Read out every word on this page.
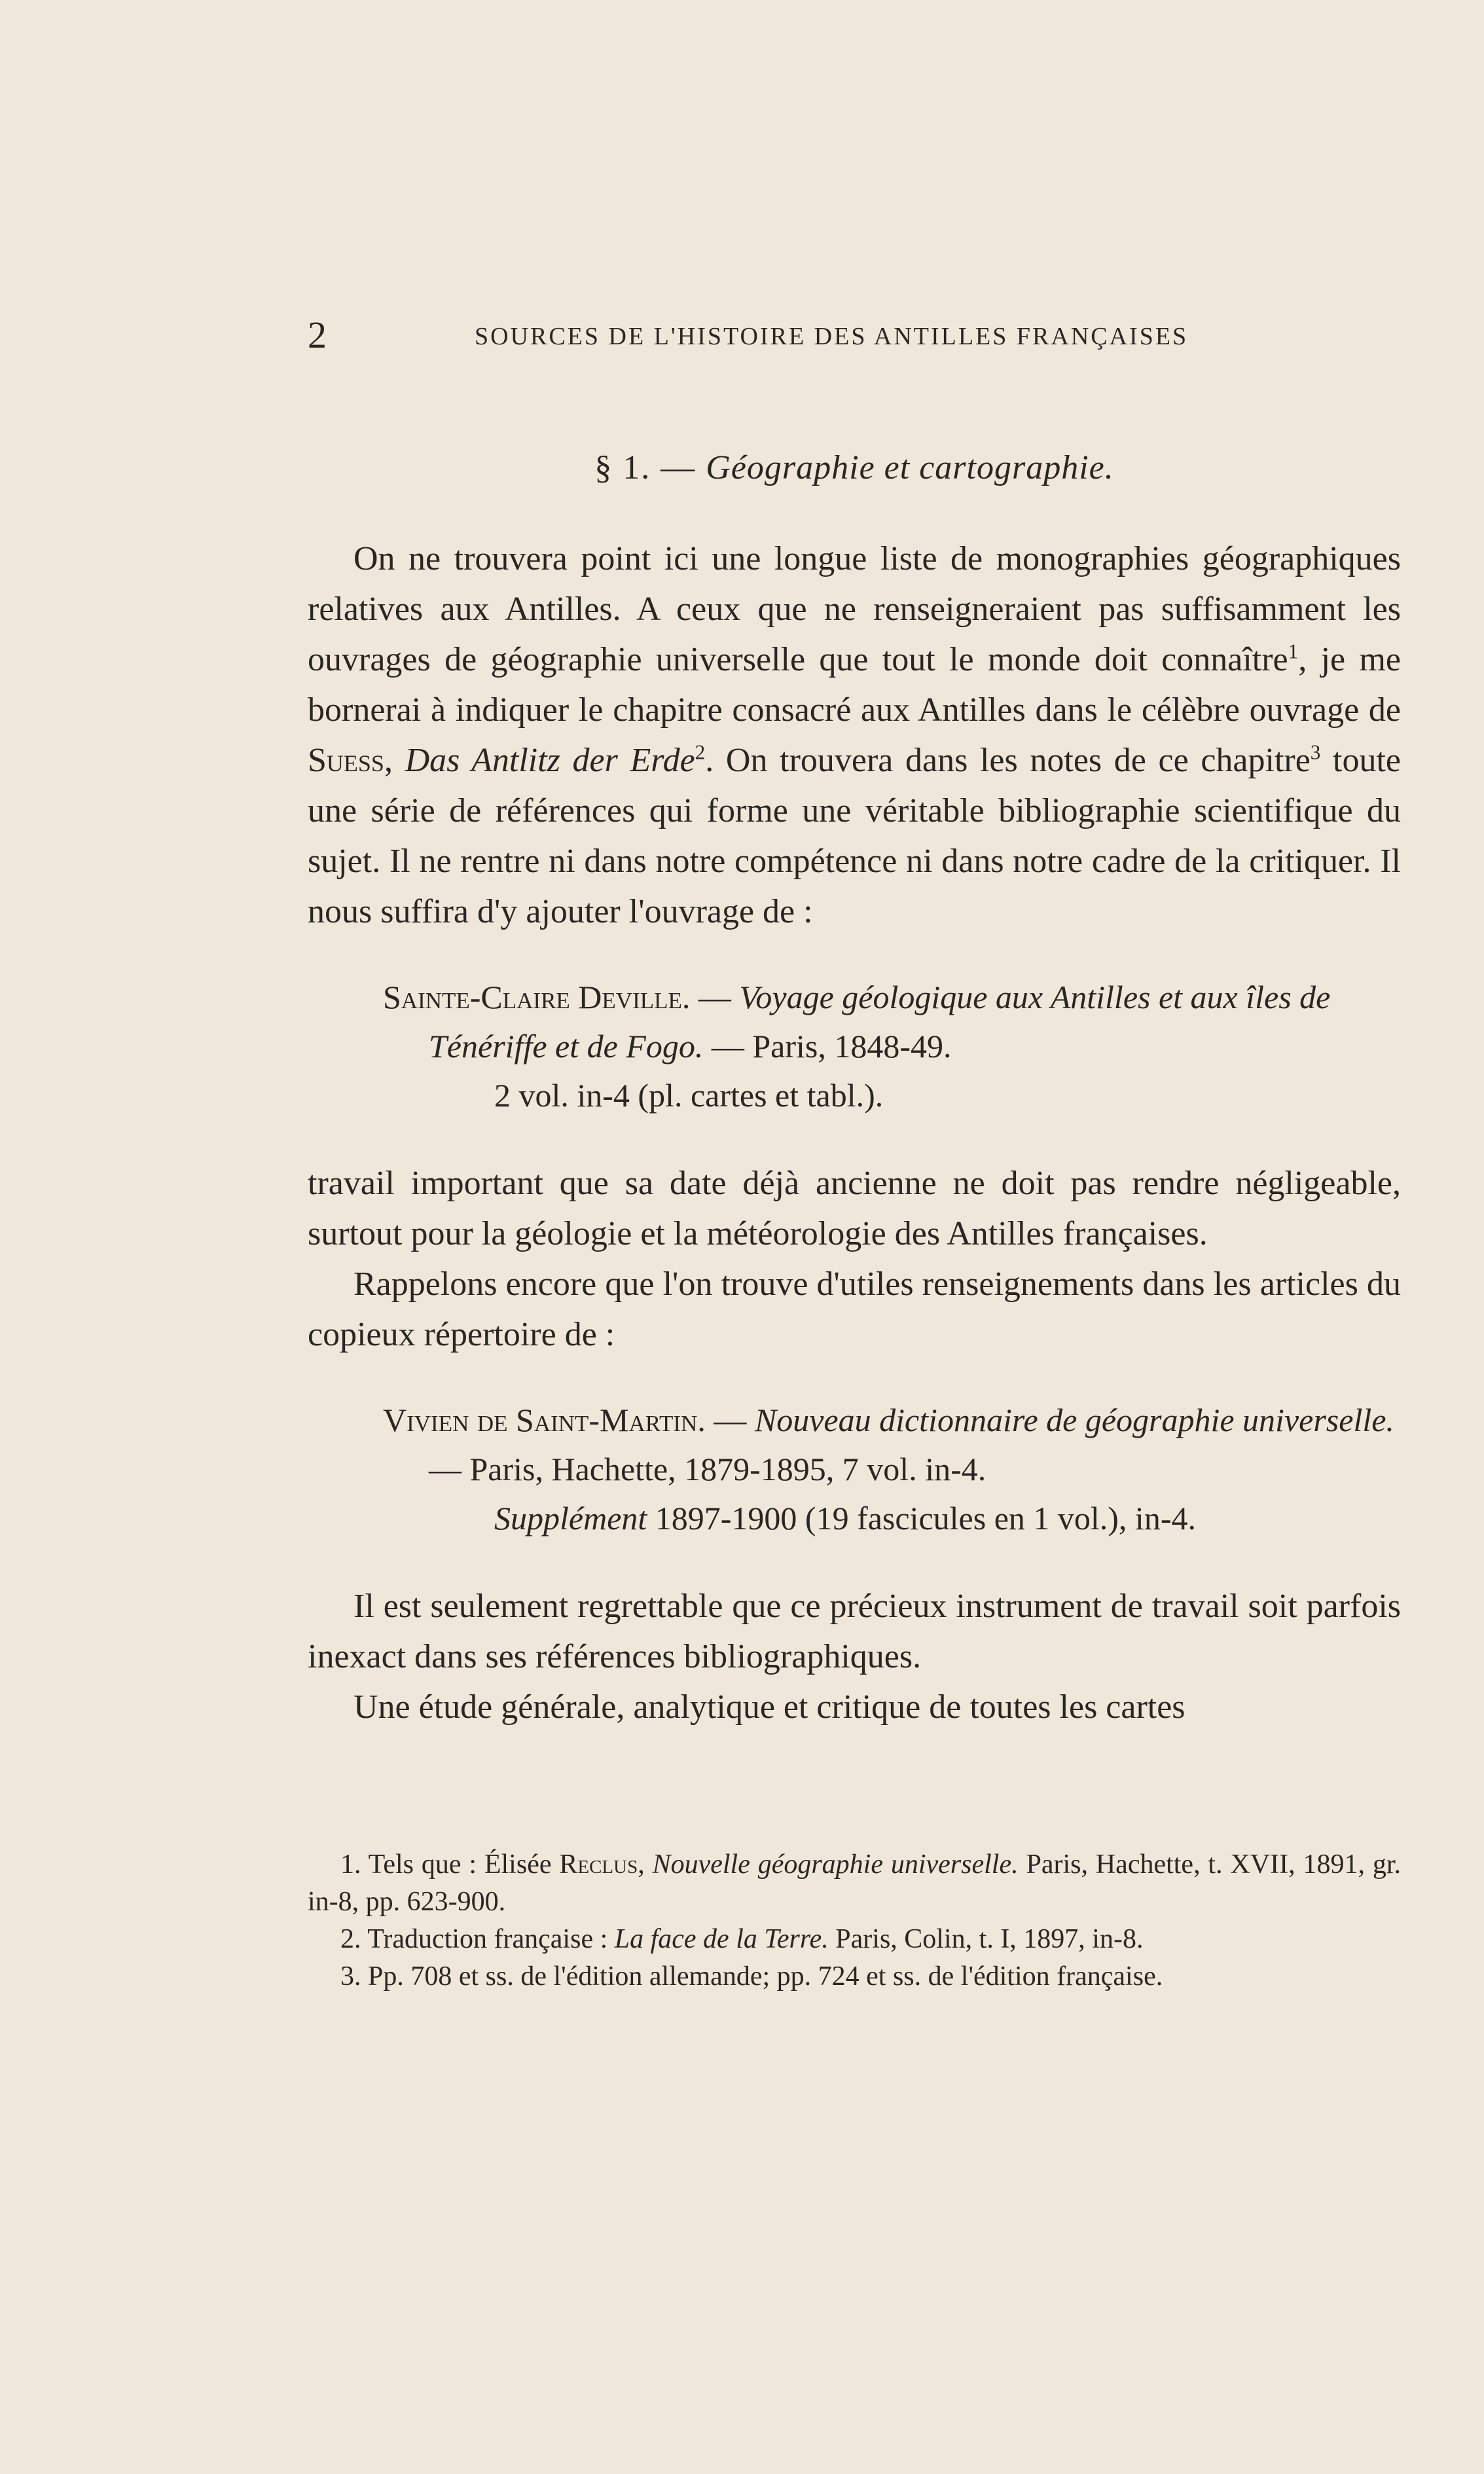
2	SOURCES DE L'HISTOIRE DES ANTILLES FRANÇAISES
§ 1. — Géographie et cartographie.

On ne trouvera point ici une longue liste de monographies géographiques relatives aux Antilles. A ceux que ne renseigneraient pas suffisamment les ouvrages de géographie universelle que tout le monde doit connaître$^1$, je me bornerai à indiquer le chapitre consacré aux Antilles dans le célèbre ouvrage de Suess, Das Antlitz der Erde$^2$. On trouvera dans les notes de ce chapitre$^3$ toute une série de références qui forme une véritable bibliographie scientifique du sujet. Il ne rentre ni dans notre compétence ni dans notre cadre de la critiquer. Il nous suffira d'y ajouter l'ouvrage de :

Sainte-Claire Deville. — Voyage géologique aux Antilles et aux îles de Ténériffe et de Fogo. — Paris, 1848-49.
2 vol. in-4 (pl. cartes et tabl.).

travail important que sa date déjà ancienne ne doit pas rendre négligeable, surtout pour la géologie et la météorologie des Antilles françaises.

Rappelons encore que l'on trouve d'utiles renseignements dans les articles du copieux répertoire de :

Vivien de Saint-Martin. — Nouveau dictionnaire de géographie universelle. — Paris, Hachette, 1879-1895, 7 vol. in-4.
Supplément 1897-1900 (19 fascicules en 1 vol.), in-4.

Il est seulement regrettable que ce précieux instrument de travail soit parfois inexact dans ses références bibliographiques.

Une étude générale, analytique et critique de toutes les cartes

1. Tels que : Élisée Reclus, Nouvelle géographie universelle. Paris, Hachette, t. XVII, 1891, gr. in-8, pp. 623-900.

2. Traduction française : La face de la Terre. Paris, Colin, t. I, 1897, in-8.

3. Pp. 708 et ss. de l'édition allemande; pp. 724 et ss. de l'édition française.
